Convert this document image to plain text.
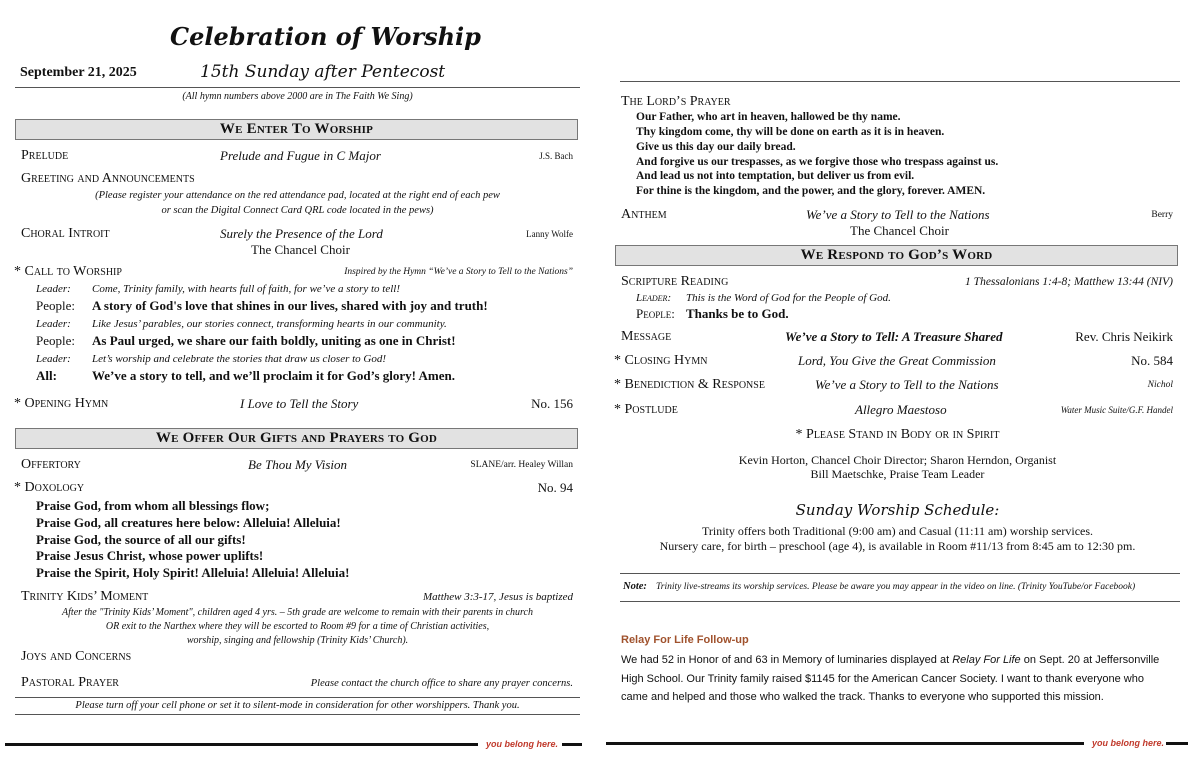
Celebration of Worship
September 21, 2025	15th Sunday after Pentecost
(All hymn numbers above 2000 are in The Faith We Sing)
We Enter To Worship
Prelude	Prelude and Fugue in C Major	J.S. Bach
Greeting and Announcements
(Please register your attendance on the red attendance pad, located at the right end of each pew
or scan the Digital Connect Card QRL code located in the pews)
Choral Introit	Surely the Presence of the Lord	Lanny Wolfe
The Chancel Choir
* Call to Worship	Inspired by the Hymn “We’ve a Story to Tell to the Nations”
Leader: Come, Trinity family, with hearts full of faith, for we’ve a story to tell!
People: A story of God's love that shines in our lives, shared with joy and truth!
Leader: Like Jesus’ parables, our stories connect, transforming hearts in our community.
People: As Paul urged, we share our faith boldly, uniting as one in Christ!
Leader: Let’s worship and celebrate the stories that draw us closer to God!
All:	We’ve a story to tell, and we’ll proclaim it for God’s glory! Amen.
* Opening Hymn	I Love to Tell the Story	No. 156
We Offer Our Gifts and Prayers to God
Offertory	Be Thou My Vision	SLANE/arr. Healey Willan
* Doxology	No. 94
Praise God, from whom all blessings flow;
Praise God, all creatures here below: Alleluia! Alleluia!
Praise God, the source of all our gifts!
Praise Jesus Christ, whose power uplifts!
Praise the Spirit, Holy Spirit! Alleluia! Alleluia! Alleluia!
Trinity Kids’ Moment	Matthew 3:3-17, Jesus is baptized
After the "Trinity Kids’ Moment", children aged 4 yrs. – 5th grade are welcome to remain with their parents in church
OR exit to the Narthex where they will be escorted to Room #9 for a time of Christian activities,
worship, singing and fellowship (Trinity Kids’ Church).
Joys and Concerns
Pastoral Prayer	Please contact the church office to share any prayer concerns.
Please turn off your cell phone or set it to silent-mode in consideration for other worshippers. Thank you.
you belong here.
The Lord’s Prayer
Our Father, who art in heaven, hallowed be thy name.
Thy kingdom come, thy will be done on earth as it is in heaven.
Give us this day our daily bread.
And forgive us our trespasses, as we forgive those who trespass against us.
And lead us not into temptation, but deliver us from evil.
For thine is the kingdom, and the power, and the glory, forever. AMEN.
Anthem	We’ve a Story to Tell to the Nations	Berry
The Chancel Choir
We Respond to God’s Word
Scripture Reading	1 Thessalonians 1:4-8; Matthew 13:44 (NIV)
Leader: This is the Word of God for the People of God.
People: Thanks be to God.
Message	We’ve a Story to Tell: A Treasure Shared	Rev. Chris Neikirk
* Closing Hymn	Lord, You Give the Great Commission	No. 584
* Benediction & Response	We’ve a Story to Tell to the Nations	Nichol
* Postlude	Allegro Maestoso	Water Music Suite/G.F. Handel
* Please Stand in Body or in Spirit
Kevin Horton, Chancel Choir Director; Sharon Herndon, Organist
Bill Maetschke, Praise Team Leader
Sunday Worship Schedule:
Trinity offers both Traditional (9:00 am) and Casual (11:11 am) worship services.
Nursery care, for birth – preschool (age 4), is available in Room #11/13 from 8:45 am to 12:30 pm.
Note: Trinity live-streams its worship services. Please be aware you may appear in the video on line. (Trinity YouTube/or Facebook)
Relay For Life Follow-up
We had 52 in Honor of and 63 in Memory of luminaries displayed at Relay For Life on Sept. 20 at Jeffersonville
High School. Our Trinity family raised $1145 for the American Cancer Society. I want to thank everyone who
came and helped and those who walked the track. Thanks to everyone who supported this mission.
you belong here.
